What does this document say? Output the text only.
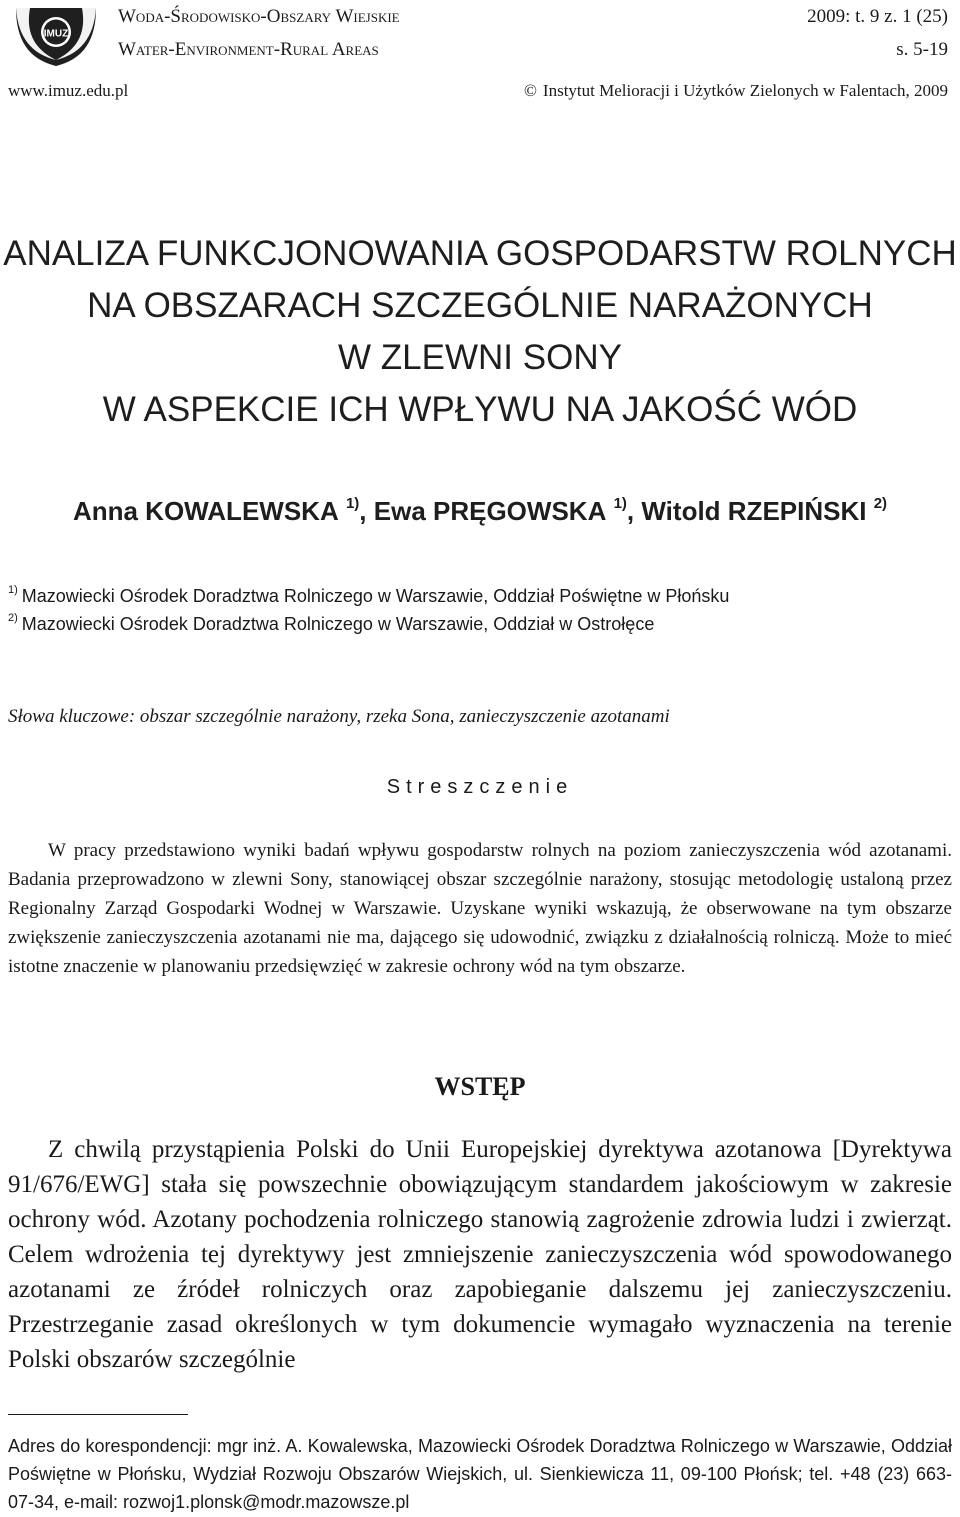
IMUZ
Woda-Środowisko-Obszary Wiejskie
Water-Environment-Rural Areas
2009: t. 9 z. 1 (25)
s. 5-19
www.imuz.edu.pl	© Instytut Melioracji i Użytków Zielonych w Falentach, 2009
ANALIZA FUNKCJONOWANIA GOSPODARSTW ROLNYCH
NA OBSZARACH SZCZEGÓLNIE NARAŻONYCH
W ZLEWNI SONY
W ASPEKCIE ICH WPŁYWU NA JAKOŚĆ WÓD
Anna KOWALEWSKA $^{1)}$, Ewa PRĘGOWSKA $^{1)}$, Witold RZEPIŃSKI $^{2)}$
$^{1)}$ Mazowiecki Ośrodek Doradztwa Rolniczego w Warszawie, Oddział Poświętne w Płońsku
$^{2)}$ Mazowiecki Ośrodek Doradztwa Rolniczego w Warszawie, Oddział w Ostrołęce
Słowa kluczowe: obszar szczególnie narażony, rzeka Sona, zanieczyszczenie azotanami
Streszczenie
W pracy przedstawiono wyniki badań wpływu gospodarstw rolnych na poziom zanieczyszczenia wód azotanami. Badania przeprowadzono w zlewni Sony, stanowiącej obszar szczególnie narażony, stosując metodologię ustaloną przez Regionalny Zarząd Gospodarki Wodnej w Warszawie. Uzyskane wyniki wskazują, że obserwowane na tym obszarze zwiększenie zanieczyszczenia azotanami nie ma, dającego się udowodnić, związku z działalnością rolniczą. Może to mieć istotne znaczenie w planowaniu przedsięwzięć w zakresie ochrony wód na tym obszarze.
WSTĘP
Z chwilą przystąpienia Polski do Unii Europejskiej dyrektywa azotanowa [Dyrektywa 91/676/EWG] stała się powszechnie obowiązującym standardem jakościowym w zakresie ochrony wód. Azotany pochodzenia rolniczego stanowią zagrożenie zdrowia ludzi i zwierząt. Celem wdrożenia tej dyrektywy jest zmniejszenie zanieczyszczenia wód spowodowanego azotanami ze źródeł rolniczych oraz zapobieganie dalszemu jej zanieczyszczeniu. Przestrzeganie zasad określonych w tym dokumencie wymagało wyznaczenia na terenie Polski obszarów szczególnie
Adres do korespondencji: mgr inż. A. Kowalewska, Mazowiecki Ośrodek Doradztwa Rolniczego w Warszawie, Oddział Poświętne w Płońsku, Wydział Rozwoju Obszarów Wiejskich, ul. Sienkiewicza 11, 09-100 Płońsk; tel. +48 (23) 663-07-34, e-mail: rozwoj1.plonsk@modr.mazowsze.pl
